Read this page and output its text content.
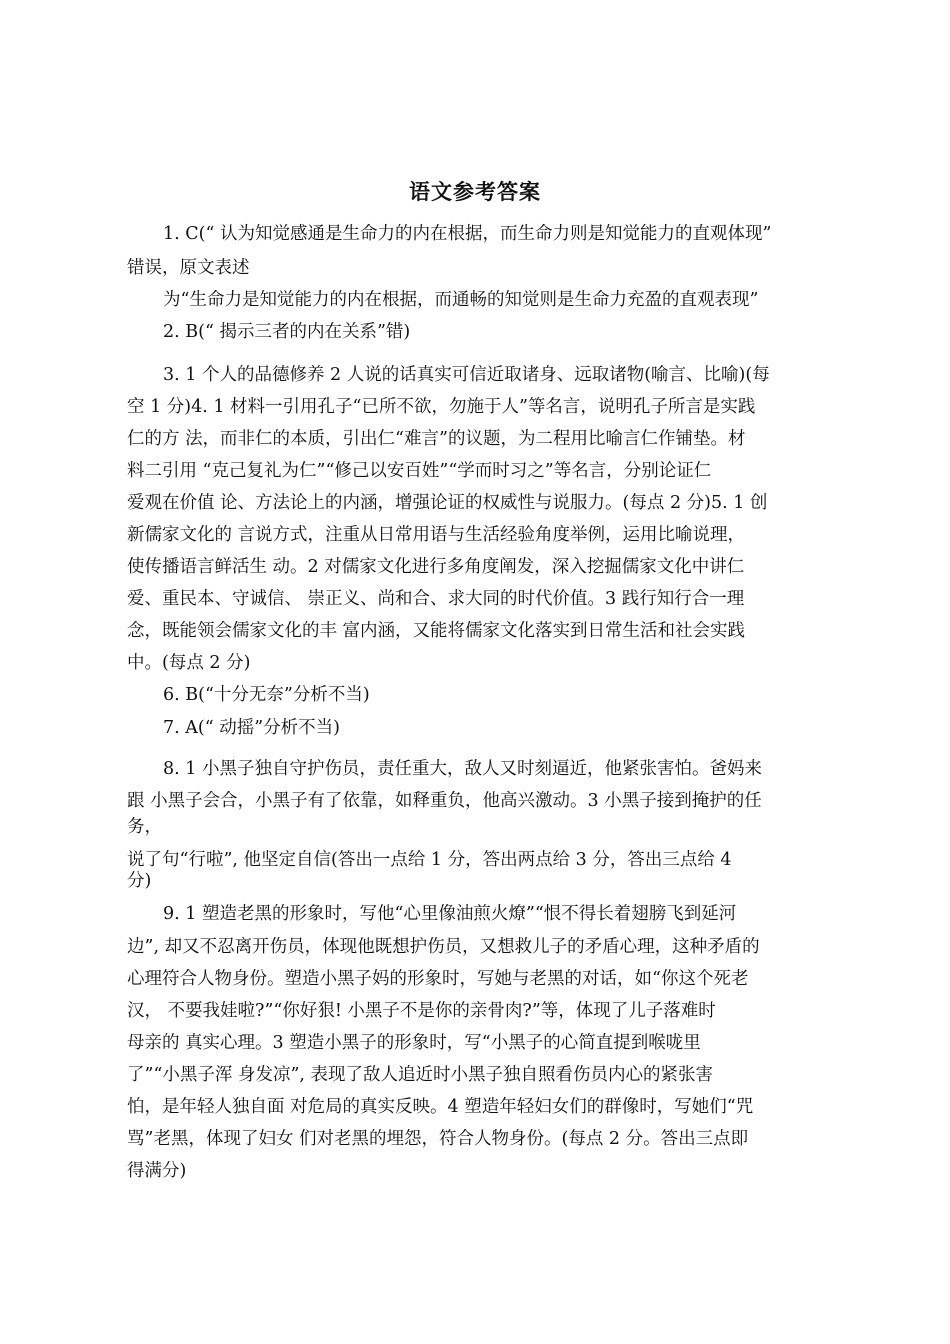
语文参考答案
1. C(“ 认为知觉感通是生命力的内在根据，而生命力则是知觉能力的直观体现”
错误，原文表述
为“生命力是知觉能力的内在根据，而通畅的知觉则是生命力充盈的直观表现”
2. B(“ 揭示三者的内在关系”错)
3. 1 个人的品德修养 2 人说的话真实可信近取诸身、远取诸物(喻言、比喻)(每
空 1 分)4. 1 材料一引用孔子“已所不欲，勿施于人”等名言，说明孔子所言是实践
仁的方 法，而非仁的本质，引出仁“难言”的议题，为二程用比喻言仁作铺垫。材
料二引用 “克己复礼为仁”“修己以安百姓”“学而时习之”等名言，分别论证仁
爱观在价值 论、方法论上的内涵，增强论证的权威性与说服力。(每点 2 分)5. 1 创
新儒家文化的 言说方式，注重从日常用语与生活经验角度举例，运用比喻说理，
使传播语言鲜活生 动。2 对儒家文化进行多角度阐发，深入挖掘儒家文化中讲仁
爱、重民本、守诚信、 崇正义、尚和合、求大同的时代价值。3 践行知行合一理
念，既能领会儒家文化的丰 富内涵，又能将儒家文化落实到日常生活和社会实践
中。(每点 2 分)
6. B(“十分无奈”分析不当)
7. A(“ 动摇”分析不当)
8. 1 小黑子独自守护伤员，责任重大，敌人又时刻逼近，他紧张害怕。爸妈来
跟 小黑子会合，小黑子有了依靠，如释重负，他高兴激动。3 小黑子接到掩护的任
务，
说了句“行啦”, 他坚定自信(答出一点给 1 分，答出两点给 3 分，答出三点给 4
分)
9. 1 塑造老黑的形象时，写他“心里像油煎火燎”“恨不得长着翅膀飞到延河
边”, 却又不忍离开伤员，体现他既想护伤员，又想救儿子的矛盾心理，这种矛盾的
心理符合人物身份。塑造小黑子妈的形象时，写她与老黑的对话，如“你这个死老
汉， 不要我娃啦?”“你好狠! 小黑子不是你的亲骨肉?”等，体现了儿子落难时
母亲的 真实心理。3 塑造小黑子的形象时，写“小黑子的心简直提到喉咙里
了”“小黑子浑 身发凉”, 表现了敌人追近时小黑子独自照看伤员内心的紧张害
怕，是年轻人独自面 对危局的真实反映。4 塑造年轻妇女们的群像时，写她们“咒
骂”老黑，体现了妇女 们对老黑的埋怨，符合人物身份。(每点 2 分。答出三点即
得满分)
